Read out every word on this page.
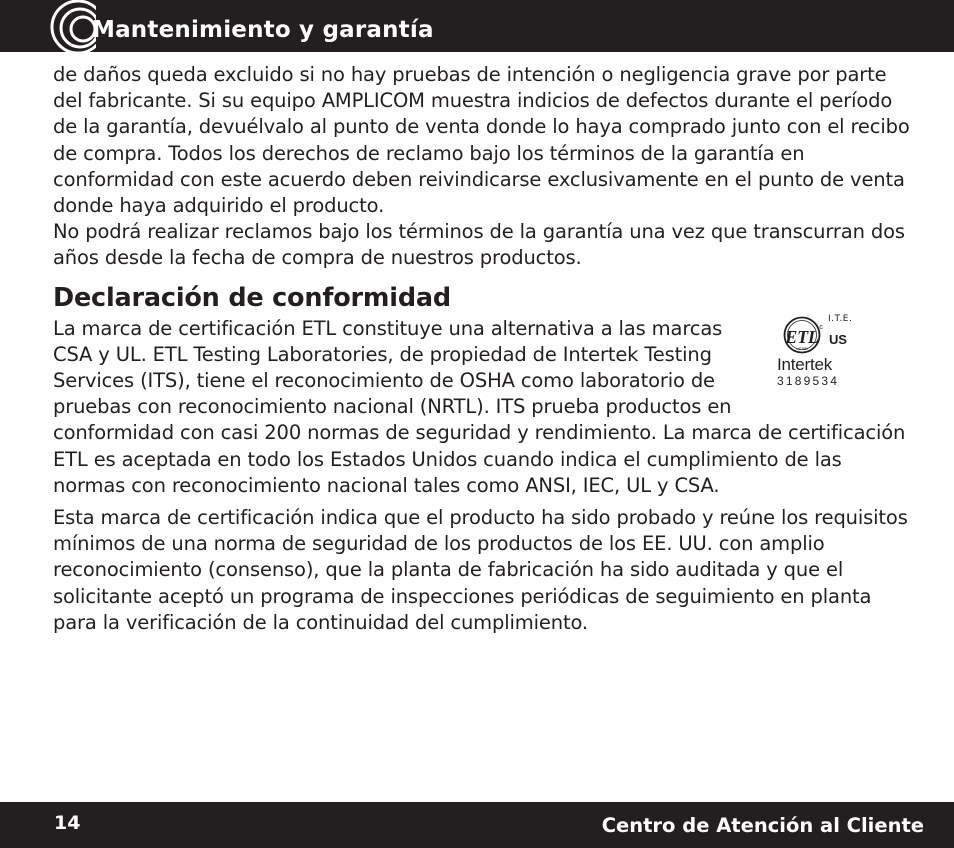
Mantenimiento y garantía

de daños queda excluido si no hay pruebas de intención o negligencia grave por parte del fabricante. Si su equipo AMPLICOM muestra indicios de defectos durante el período de la garantía, devuélvalo al punto de venta donde lo haya comprado junto con el recibo de compra. Todos los derechos de reclamo bajo los términos de la garantía en conformidad con este acuerdo deben reivindicarse exclusivamente en el punto de venta donde haya adquirido el producto.

No podrá realizar reclamos bajo los términos de la garantía una vez que transcurran dos años desde la fecha de compra de nuestros productos.

Declaración de conformidad

ETL
LISTED
c
I.T.E.
US
Intertek
3189534

La marca de certificación ETL constituye una alternativa a las marcas CSA y UL. ETL Testing Laboratories, de propiedad de Intertek Testing Services (ITS), tiene el reconocimiento de OSHA como laboratorio de pruebas con reconocimiento nacional (NRTL). ITS prueba productos en conformidad con casi 200 normas de seguridad y rendimiento. La marca de certificación ETL es aceptada en todo los Estados Unidos cuando indica el cumplimiento de las normas con reconocimiento nacional tales como ANSI, IEC, UL y CSA.

Esta marca de certificación indica que el producto ha sido probado y reúne los requisitos mínimos de una norma de seguridad de los productos de los EE. UU. con amplio reconocimiento (consenso), que la planta de fabricación ha sido auditada y que el solicitante aceptó un programa de inspecciones periódicas de seguimiento en planta para la verificación de la continuidad del cumplimiento.

14	Centro de Atención al Cliente
